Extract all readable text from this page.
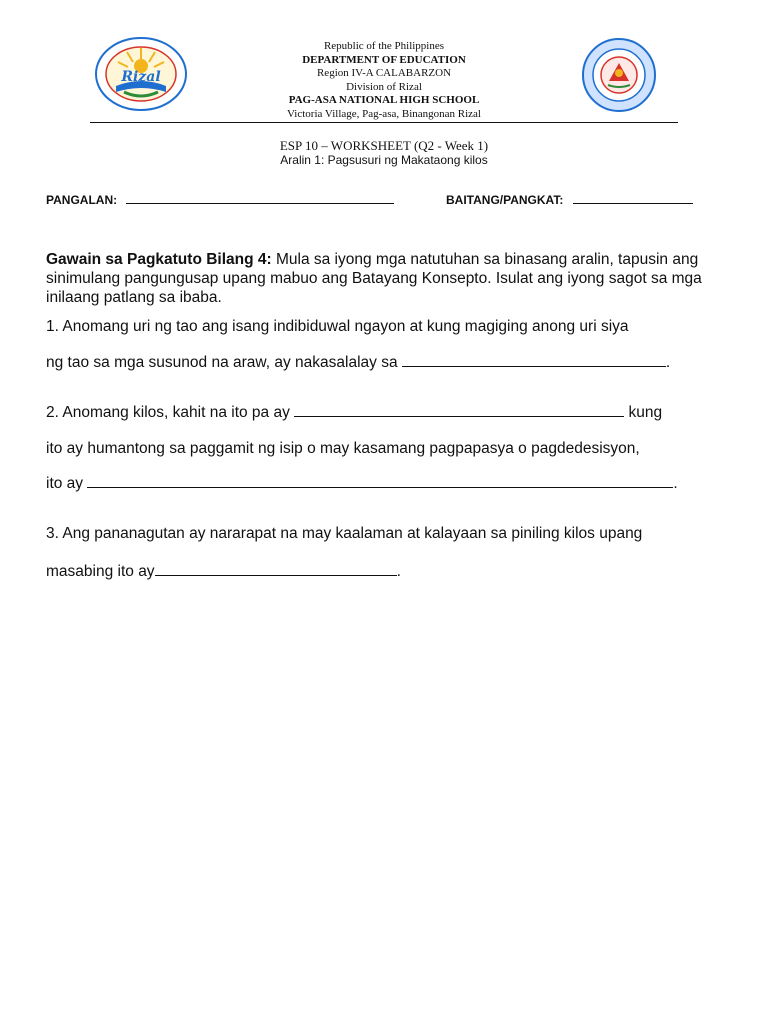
Rizal
Republic of the Philippines
DEPARTMENT OF EDUCATION
Region IV-A CALABARZON
Division of Rizal
PAG-ASA NATIONAL HIGH SCHOOL
Victoria Village, Pag-asa, Binangonan Rizal
ESP 10 – WORKSHEET (Q2 - Week 1)
Aralin 1: Pagsusuri ng Makataong kilos
PANGALAN:	BAITANG/PANGKAT:
Gawain sa Pagkatuto Bilang 4: Mula sa iyong mga natutuhan sa binasang aralin, tapusin ang sinimulang pangungusap upang mabuo ang Batayang Konsepto. Isulat ang iyong sagot sa mga inilaang patlang sa ibaba.
1. Anomang uri ng tao ang isang indibiduwal ngayon at kung magiging anong uri siya
ng tao sa mga susunod na araw, ay nakasalalay sa	.
2. Anomang kilos, kahit na ito pa ay	kung
ito ay humantong sa paggamit ng isip o may kasamang pagpapasya o pagdedesisyon,
ito ay	.
3. Ang pananagutan ay nararapat na may kaalaman at kalayaan sa piniling kilos upang
masabing ito ay	.
